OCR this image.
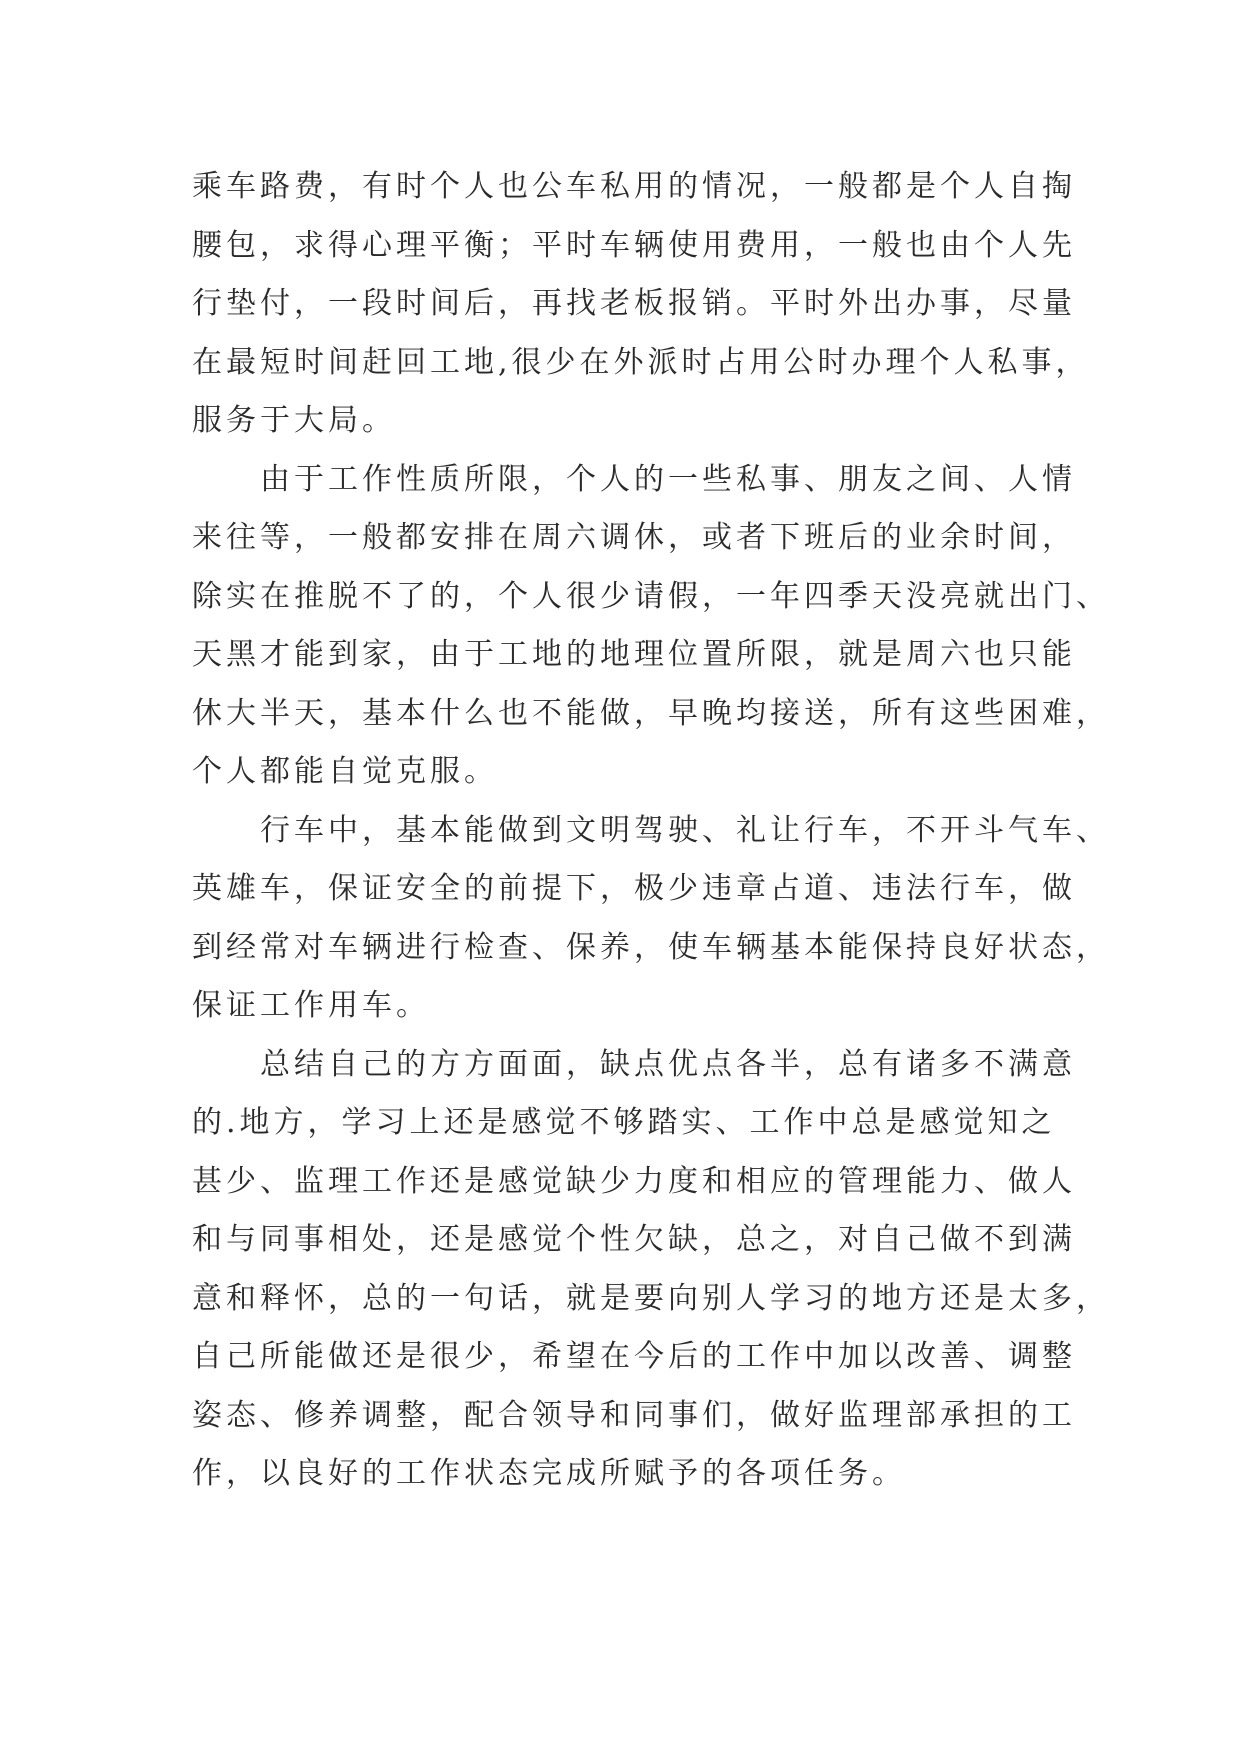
乘车路费，有时个人也公车私用的情况，一般都是个人自掏
腰包，求得心理平衡；平时车辆使用费用，一般也由个人先
行垫付，一段时间后，再找老板报销。平时外出办事，尽量
在最短时间赶回工地,很少在外派时占用公时办理个人私事，
服务于大局。
由于工作性质所限，个人的一些私事、朋友之间、人情
来往等，一般都安排在周六调休，或者下班后的业余时间，
除实在推脱不了的，个人很少请假，一年四季天没亮就出门、
天黑才能到家，由于工地的地理位置所限，就是周六也只能
休大半天，基本什么也不能做，早晚均接送，所有这些困难，
个人都能自觉克服。
行车中，基本能做到文明驾驶、礼让行车，不开斗气车、
英雄车，保证安全的前提下，极少违章占道、违法行车，做
到经常对车辆进行检查、保养，使车辆基本能保持良好状态，
保证工作用车。
总结自己的方方面面，缺点优点各半，总有诸多不满意
的.地方，学习上还是感觉不够踏实、工作中总是感觉知之
甚少、监理工作还是感觉缺少力度和相应的管理能力、做人
和与同事相处，还是感觉个性欠缺，总之，对自己做不到满
意和释怀，总的一句话，就是要向别人学习的地方还是太多，
自己所能做还是很少，希望在今后的工作中加以改善、调整
姿态、修养调整，配合领导和同事们，做好监理部承担的工
作，以良好的工作状态完成所赋予的各项任务。
